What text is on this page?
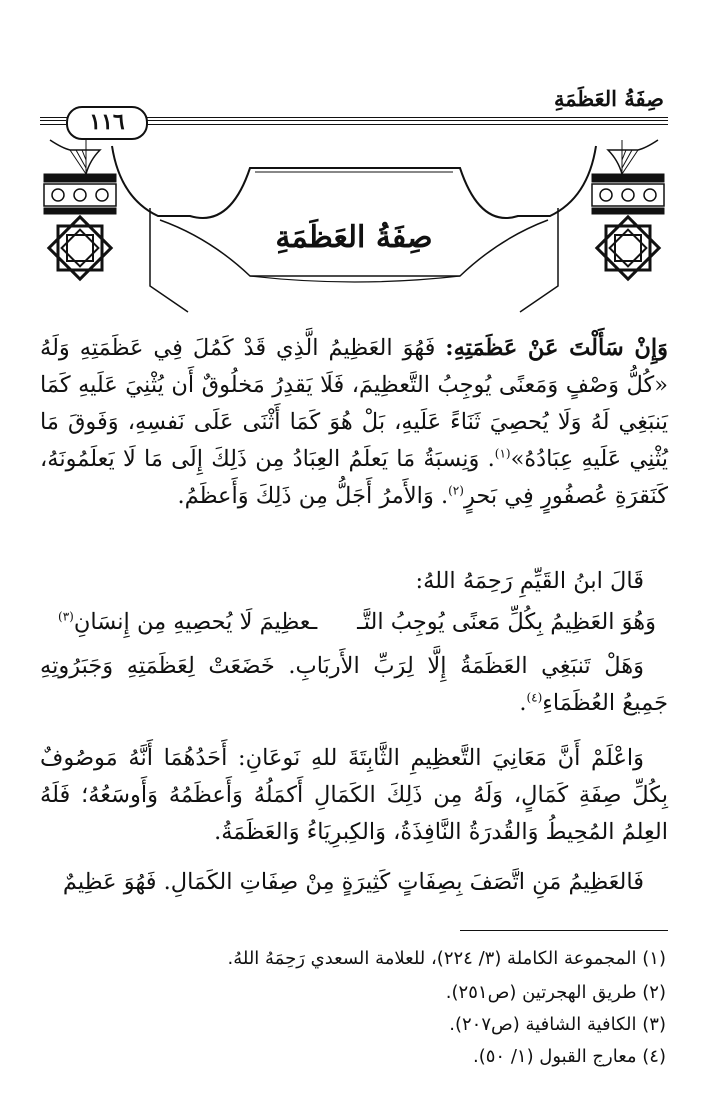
صِفَةُ العَظَمَةِ
١١٦
صِفَةُ العَظَمَةِ

وَإِنْ سَأَلْتَ عَنْ عَظَمَتِهِ: فَهُوَ العَظِيمُ الَّذِي قَدْ كَمُلَ فِي عَظَمَتِهِ وَلَهُ «كُلُّ وَصْفٍ وَمَعنًى يُوجِبُ التَّعظِيمَ، فَلَا يَقدِرُ مَخلُوقٌ أَن يُثْنِيَ عَلَيهِ كَمَا يَنبَغِي لَهُ وَلَا يُحصِيَ ثَنَاءً عَلَيهِ، بَلْ هُوَ كَمَا أَثْنَى عَلَى نَفسِهِ، وَفَوقَ مَا يُثْنِي عَلَيهِ عِبَادُهُ»$^{(١)}$. وَنِسبَةُ مَا يَعلَمُ العِبَادُ مِن ذَلِكَ إِلَى مَا لَا يَعلَمُونَهُ، كَنَقرَةِ عُصفُورٍ فِي بَحرٍ$^{(٢)}$. وَالأَمرُ أَجَلُّ مِن ذَلِكَ وَأَعظَمُ.

قَالَ ابنُ القَيِّمِ رَحِمَهُ اللهُ:

وَهُوَ العَظِيمُ بِكُلِّ مَعنًى يُوجِبُ التَّـ
ـعظِيمَ لَا يُحصِيهِ مِن إِنسَانِ$^{(٣)}$

وَهَلْ تَنبَغِي العَظَمَةُ إِلَّا لِرَبِّ الأَربَابِ. خَضَعَتْ لِعَظَمَتِهِ وَجَبَرُوتِهِ جَمِيعُ العُظَمَاءِ$^{(٤)}$.

وَاعْلَمْ أَنَّ مَعَانِيَ التَّعظِيمِ الثَّابِتَةَ للهِ نَوعَانِ: أَحَدُهُمَا أَنَّهُ مَوصُوفٌ بِكُلِّ صِفَةِ كَمَالٍ، وَلَهُ مِن ذَلِكَ الكَمَالِ أَكمَلُهُ وَأَعظَمُهُ وَأَوسَعُهُ؛ فَلَهُ العِلمُ المُحِيطُ وَالقُدرَةُ النَّافِذَةُ، وَالكِبرِيَاءُ وَالعَظَمَةُ.

فَالعَظِيمُ مَنِ اتَّصَفَ بِصِفَاتٍ كَثِيرَةٍ مِنْ صِفَاتِ الكَمَالِ. فَهُوَ عَظِيمٌ

(١) المجموعة الكاملة (٣/ ٢٢٤)، للعلامة السعدي رَحِمَهُ اللهُ.
(٢) طريق الهجرتين (ص٢٥١).
(٣) الكافية الشافية (ص٢٠٧).
(٤) معارج القبول (١/ ٥٠).
